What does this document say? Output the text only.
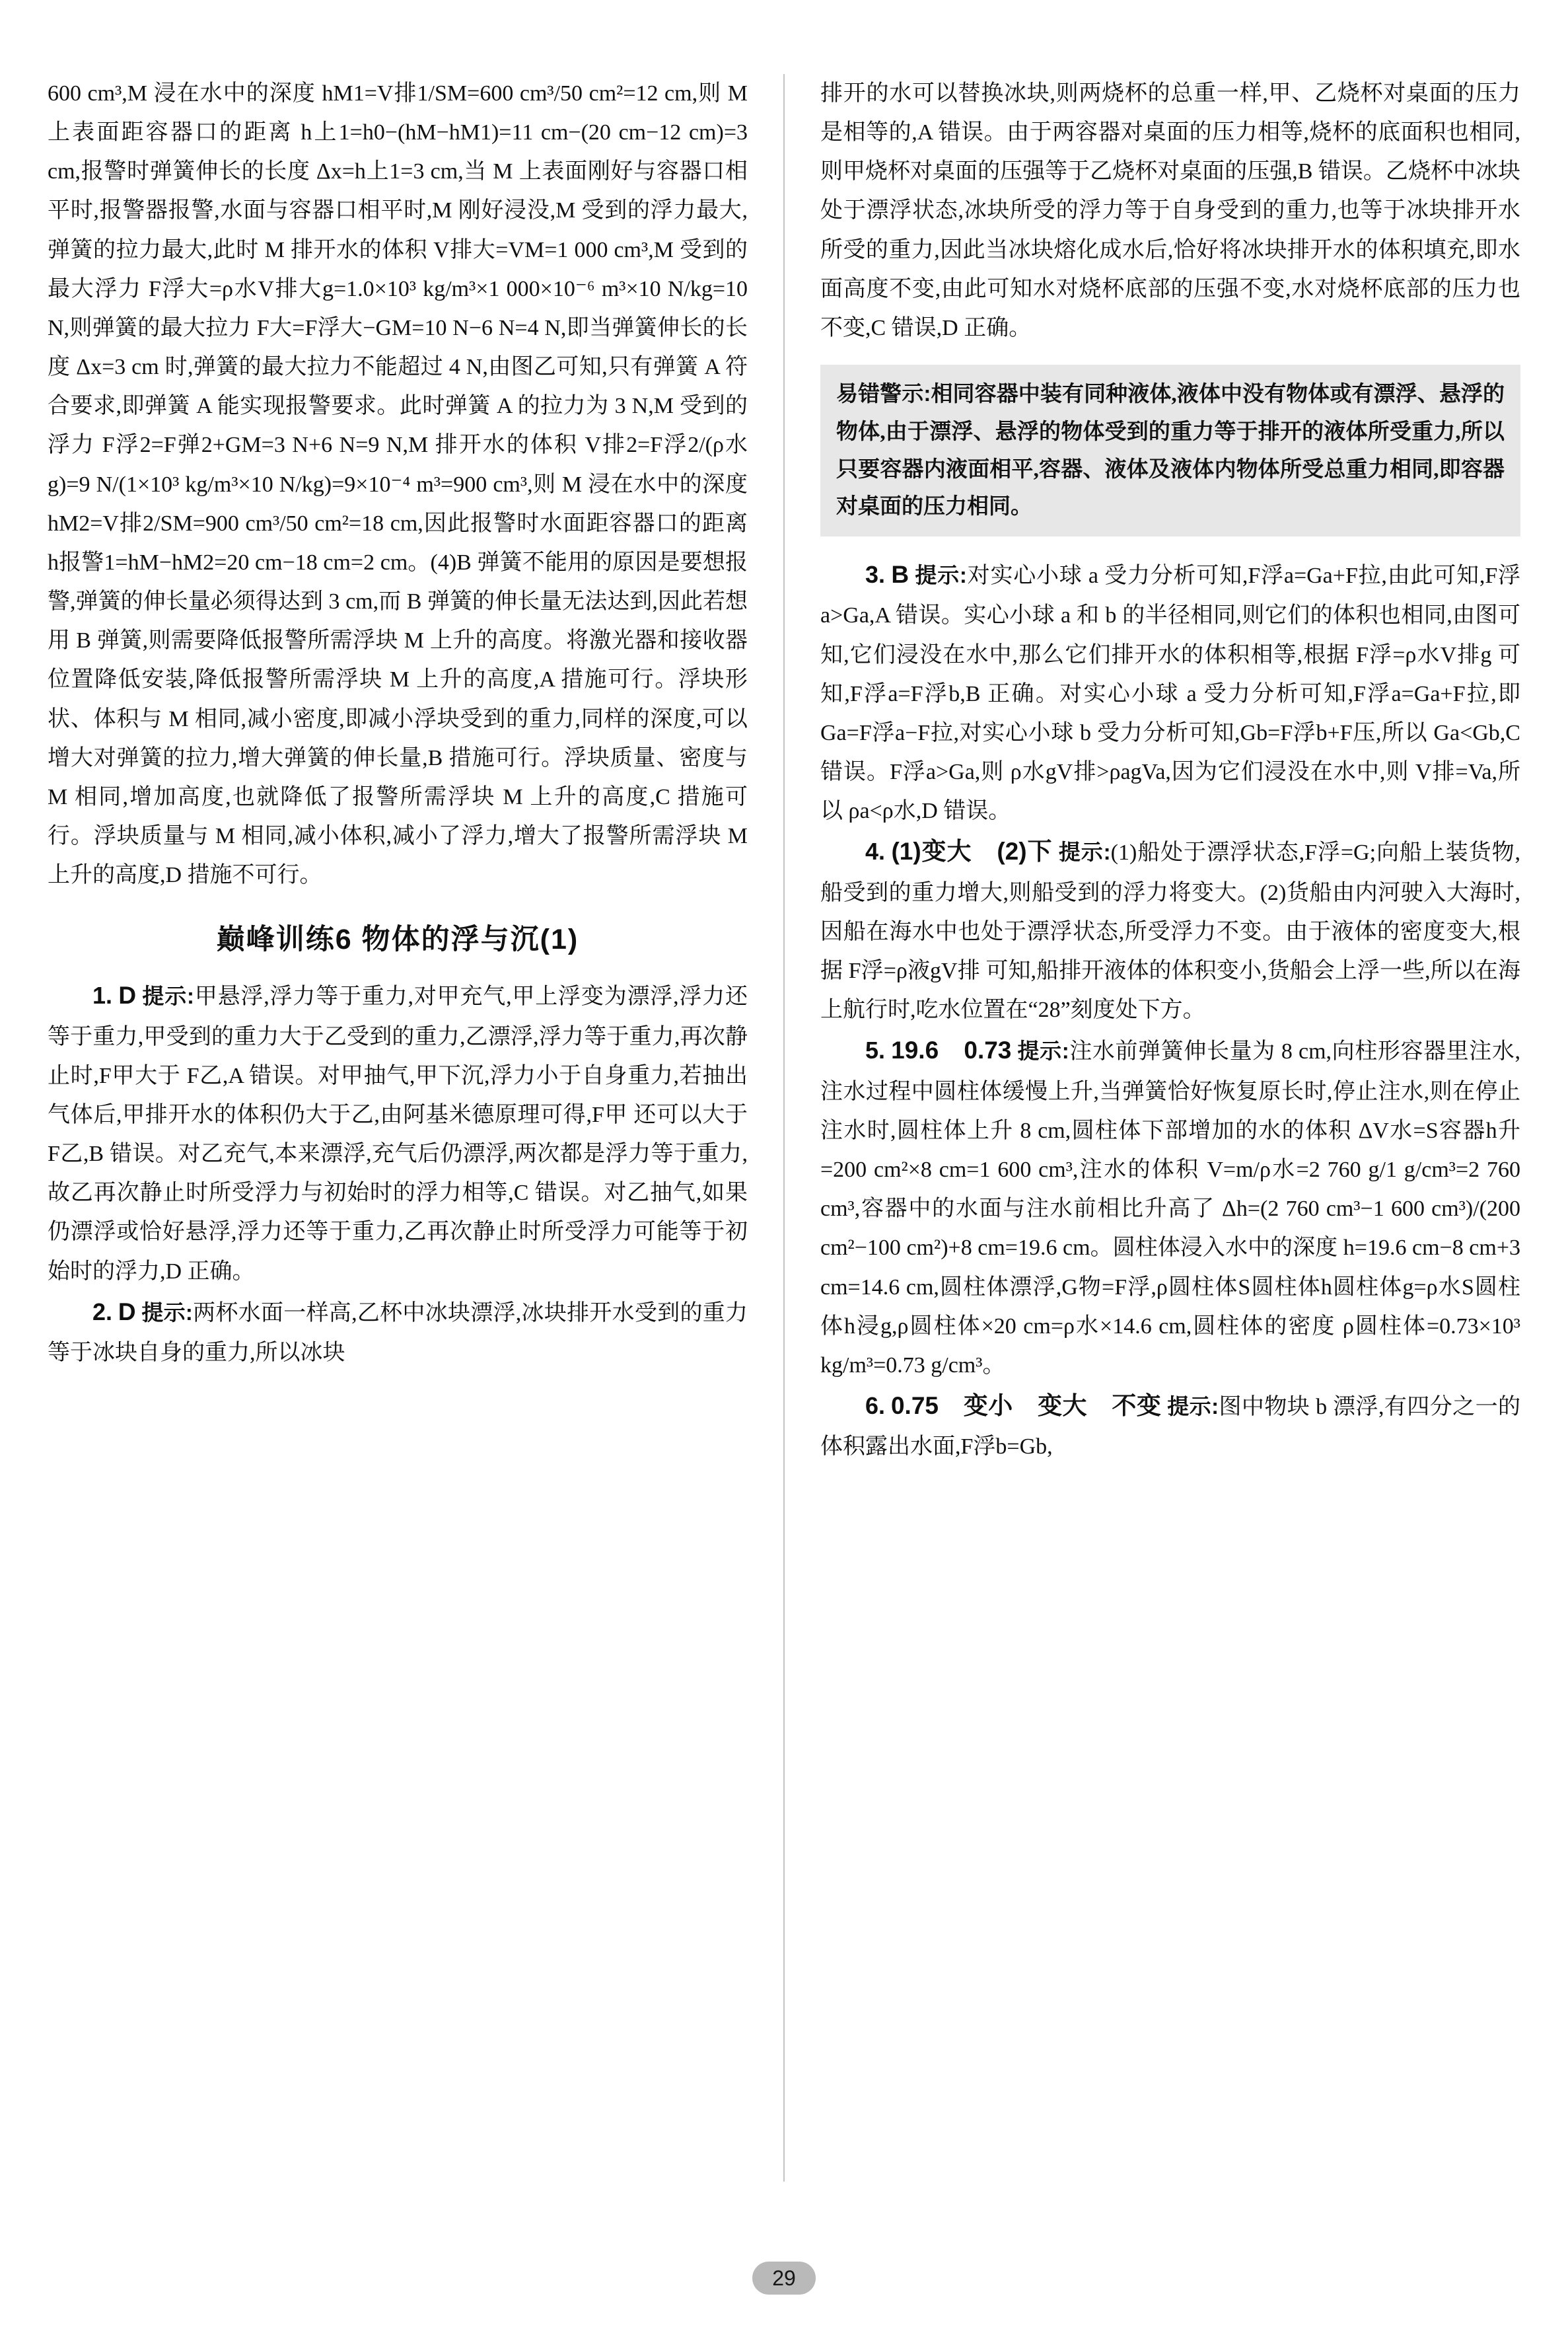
600 cm³,M 浸在水中的深度 hM1=V排1/SM=600 cm³/50 cm²=12 cm,则 M 上表面距容器口的距离 h上1=h0−(hM−hM1)=11 cm−(20 cm−12 cm)=3 cm,报警时弹簧伸长的长度 Δx=h上1=3 cm,当 M 上表面刚好与容器口相平时,报警器报警,水面与容器口相平时,M 刚好浸没,M 受到的浮力最大,弹簧的拉力最大,此时 M 排开水的体积 V排大=VM=1 000 cm³,M 受到的最大浮力 F浮大=ρ水V排大g=1.0×10³ kg/m³×1 000×10⁻⁶ m³×10 N/kg=10 N,则弹簧的最大拉力 F大=F浮大−GM=10 N−6 N=4 N,即当弹簧伸长的长度 Δx=3 cm 时,弹簧的最大拉力不能超过 4 N,由图乙可知,只有弹簧 A 符合要求,即弹簧 A 能实现报警要求。此时弹簧 A 的拉力为 3 N,M 受到的浮力 F浮2=F弹2+GM=3 N+6 N=9 N,M 排开水的体积 V排2=F浮2/(ρ水g)=9 N/(1×10³ kg/m³×10 N/kg)=9×10⁻⁴ m³=900 cm³,则 M 浸在水中的深度 hM2=V排2/SM=900 cm³/50 cm²=18 cm,因此报警时水面距容器口的距离 h报警1=hM−hM2=20 cm−18 cm=2 cm。(4)B 弹簧不能用的原因是要想报警,弹簧的伸长量必须得达到 3 cm,而 B 弹簧的伸长量无法达到,因此若想用 B 弹簧,则需要降低报警所需浮块 M 上升的高度。将激光器和接收器位置降低安装,降低报警所需浮块 M 上升的高度,A 措施可行。浮块形状、体积与 M 相同,减小密度,即减小浮块受到的重力,同样的深度,可以增大对弹簧的拉力,增大弹簧的伸长量,B 措施可行。浮块质量、密度与 M 相同,增加高度,也就降低了报警所需浮块 M 上升的高度,C 措施可行。浮块质量与 M 相同,减小体积,减小了浮力,增大了报警所需浮块 M 上升的高度,D 措施不可行。

巅峰训练6 物体的浮与沉(1)

1. D 提示:甲悬浮,浮力等于重力,对甲充气,甲上浮变为漂浮,浮力还等于重力,甲受到的重力大于乙受到的重力,乙漂浮,浮力等于重力,再次静止时,F甲大于 F乙,A 错误。对甲抽气,甲下沉,浮力小于自身重力,若抽出气体后,甲排开水的体积仍大于乙,由阿基米德原理可得,F甲 还可以大于 F乙,B 错误。对乙充气,本来漂浮,充气后仍漂浮,两次都是浮力等于重力,故乙再次静止时所受浮力与初始时的浮力相等,C 错误。对乙抽气,如果仍漂浮或恰好悬浮,浮力还等于重力,乙再次静止时所受浮力可能等于初始时的浮力,D 正确。

2. D 提示:两杯水面一样高,乙杯中冰块漂浮,冰块排开水受到的重力等于冰块自身的重力,所以冰块

排开的水可以替换冰块,则两烧杯的总重一样,甲、乙烧杯对桌面的压力是相等的,A 错误。由于两容器对桌面的压力相等,烧杯的底面积也相同,则甲烧杯对桌面的压强等于乙烧杯对桌面的压强,B 错误。乙烧杯中冰块处于漂浮状态,冰块所受的浮力等于自身受到的重力,也等于冰块排开水所受的重力,因此当冰块熔化成水后,恰好将冰块排开水的体积填充,即水面高度不变,由此可知水对烧杯底部的压强不变,水对烧杯底部的压力也不变,C 错误,D 正确。

易错警示:相同容器中装有同种液体,液体中没有物体或有漂浮、悬浮的物体,由于漂浮、悬浮的物体受到的重力等于排开的液体所受重力,所以只要容器内液面相平,容器、液体及液体内物体所受总重力相同,即容器对桌面的压力相同。

3. B 提示:对实心小球 a 受力分析可知,F浮a=Ga+F拉,由此可知,F浮a>Ga,A 错误。实心小球 a 和 b 的半径相同,则它们的体积也相同,由图可知,它们浸没在水中,那么它们排开水的体积相等,根据 F浮=ρ水V排g 可知,F浮a=F浮b,B 正确。对实心小球 a 受力分析可知,F浮a=Ga+F拉,即 Ga=F浮a−F拉,对实心小球 b 受力分析可知,Gb=F浮b+F压,所以 Ga<Gb,C 错误。F浮a>Ga,则 ρ水gV排>ρagVa,因为它们浸没在水中,则 V排=Va,所以 ρa<ρ水,D 错误。

4. (1)变大　(2)下 提示:(1)船处于漂浮状态,F浮=G;向船上装货物,船受到的重力增大,则船受到的浮力将变大。(2)货船由内河驶入大海时,因船在海水中也处于漂浮状态,所受浮力不变。由于液体的密度变大,根据 F浮=ρ液gV排 可知,船排开液体的体积变小,货船会上浮一些,所以在海上航行时,吃水位置在“28”刻度处下方。

5. 19.6　0.73 提示:注水前弹簧伸长量为 8 cm,向柱形容器里注水,注水过程中圆柱体缓慢上升,当弹簧恰好恢复原长时,停止注水,则在停止注水时,圆柱体上升 8 cm,圆柱体下部增加的水的体积 ΔV水=S容器h升=200 cm²×8 cm=1 600 cm³,注水的体积 V=m/ρ水=2 760 g/1 g/cm³=2 760 cm³,容器中的水面与注水前相比升高了 Δh=(2 760 cm³−1 600 cm³)/(200 cm²−100 cm²)+8 cm=19.6 cm。圆柱体浸入水中的深度 h=19.6 cm−8 cm+3 cm=14.6 cm,圆柱体漂浮,G物=F浮,ρ圆柱体S圆柱体h圆柱体g=ρ水S圆柱体h浸g,ρ圆柱体×20 cm=ρ水×14.6 cm,圆柱体的密度 ρ圆柱体=0.73×10³ kg/m³=0.73 g/cm³。

6. 0.75　变小　变大　不变 提示:图中物块 b 漂浮,有四分之一的体积露出水面,F浮b=Gb,

29
